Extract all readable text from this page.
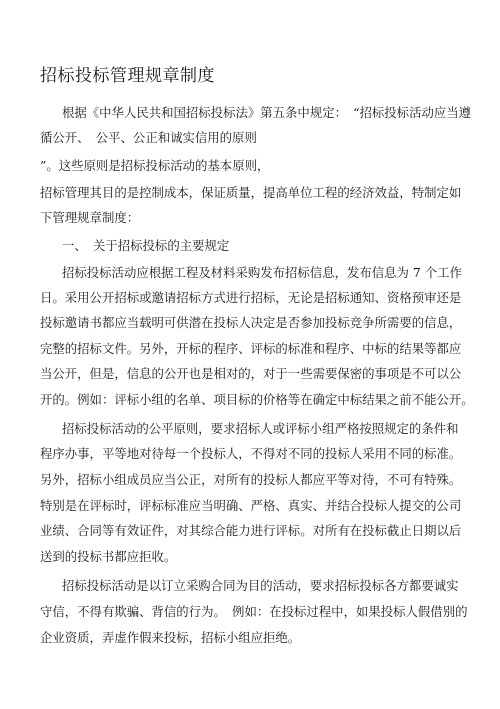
招标投标管理规章制度
根据《中华人民共和国招标投标法》第五条中规定：　“招标投标活动应当遵
循公开、　公平、公正和诚实信用的原则
”。这些原则是招标投标活动的基本原则，
招标管理其目的是控制成本，保证质量，提高单位工程的经济效益，特制定如
下管理规章制度：
一、　关于招标投标的主要规定
招标投标活动应根据工程及材料采购发布招标信息，发布信息为 7 个工作
日。采用公开招标或邀请招标方式进行招标，无论是招标通知、资格预审还是
投标邀请书都应当载明可供潜在投标人决定是否参加投标竞争所需要的信息，
完整的招标文件。另外，开标的程序、评标的标准和程序、中标的结果等都应
当公开，但是，信息的公开也是相对的，对于一些需要保密的事项是不可以公
开的。例如：评标小组的名单、项目标的价格等在确定中标结果之前不能公开。
招标投标活动的公平原则，要求招标人或评标小组严格按照规定的条件和
程序办事，平等地对待每一个投标人，不得对不同的投标人采用不同的标准。
另外，招标小组成员应当公正，对所有的投标人都应平等对待，不可有特殊。
特别是在评标时，评标标准应当明确、严格、真实、并结合投标人提交的公司
业绩、合同等有效证件，对其综合能力进行评标。对所有在投标截止日期以后
送到的投标书都应拒收。
招标投标活动是以订立采购合同为目的活动，要求招标投标各方都要诚实
守信，不得有欺骗、背信的行为。　例如：在投标过程中，如果投标人假借别的
企业资质，弄虚作假来投标，招标小组应拒绝。
